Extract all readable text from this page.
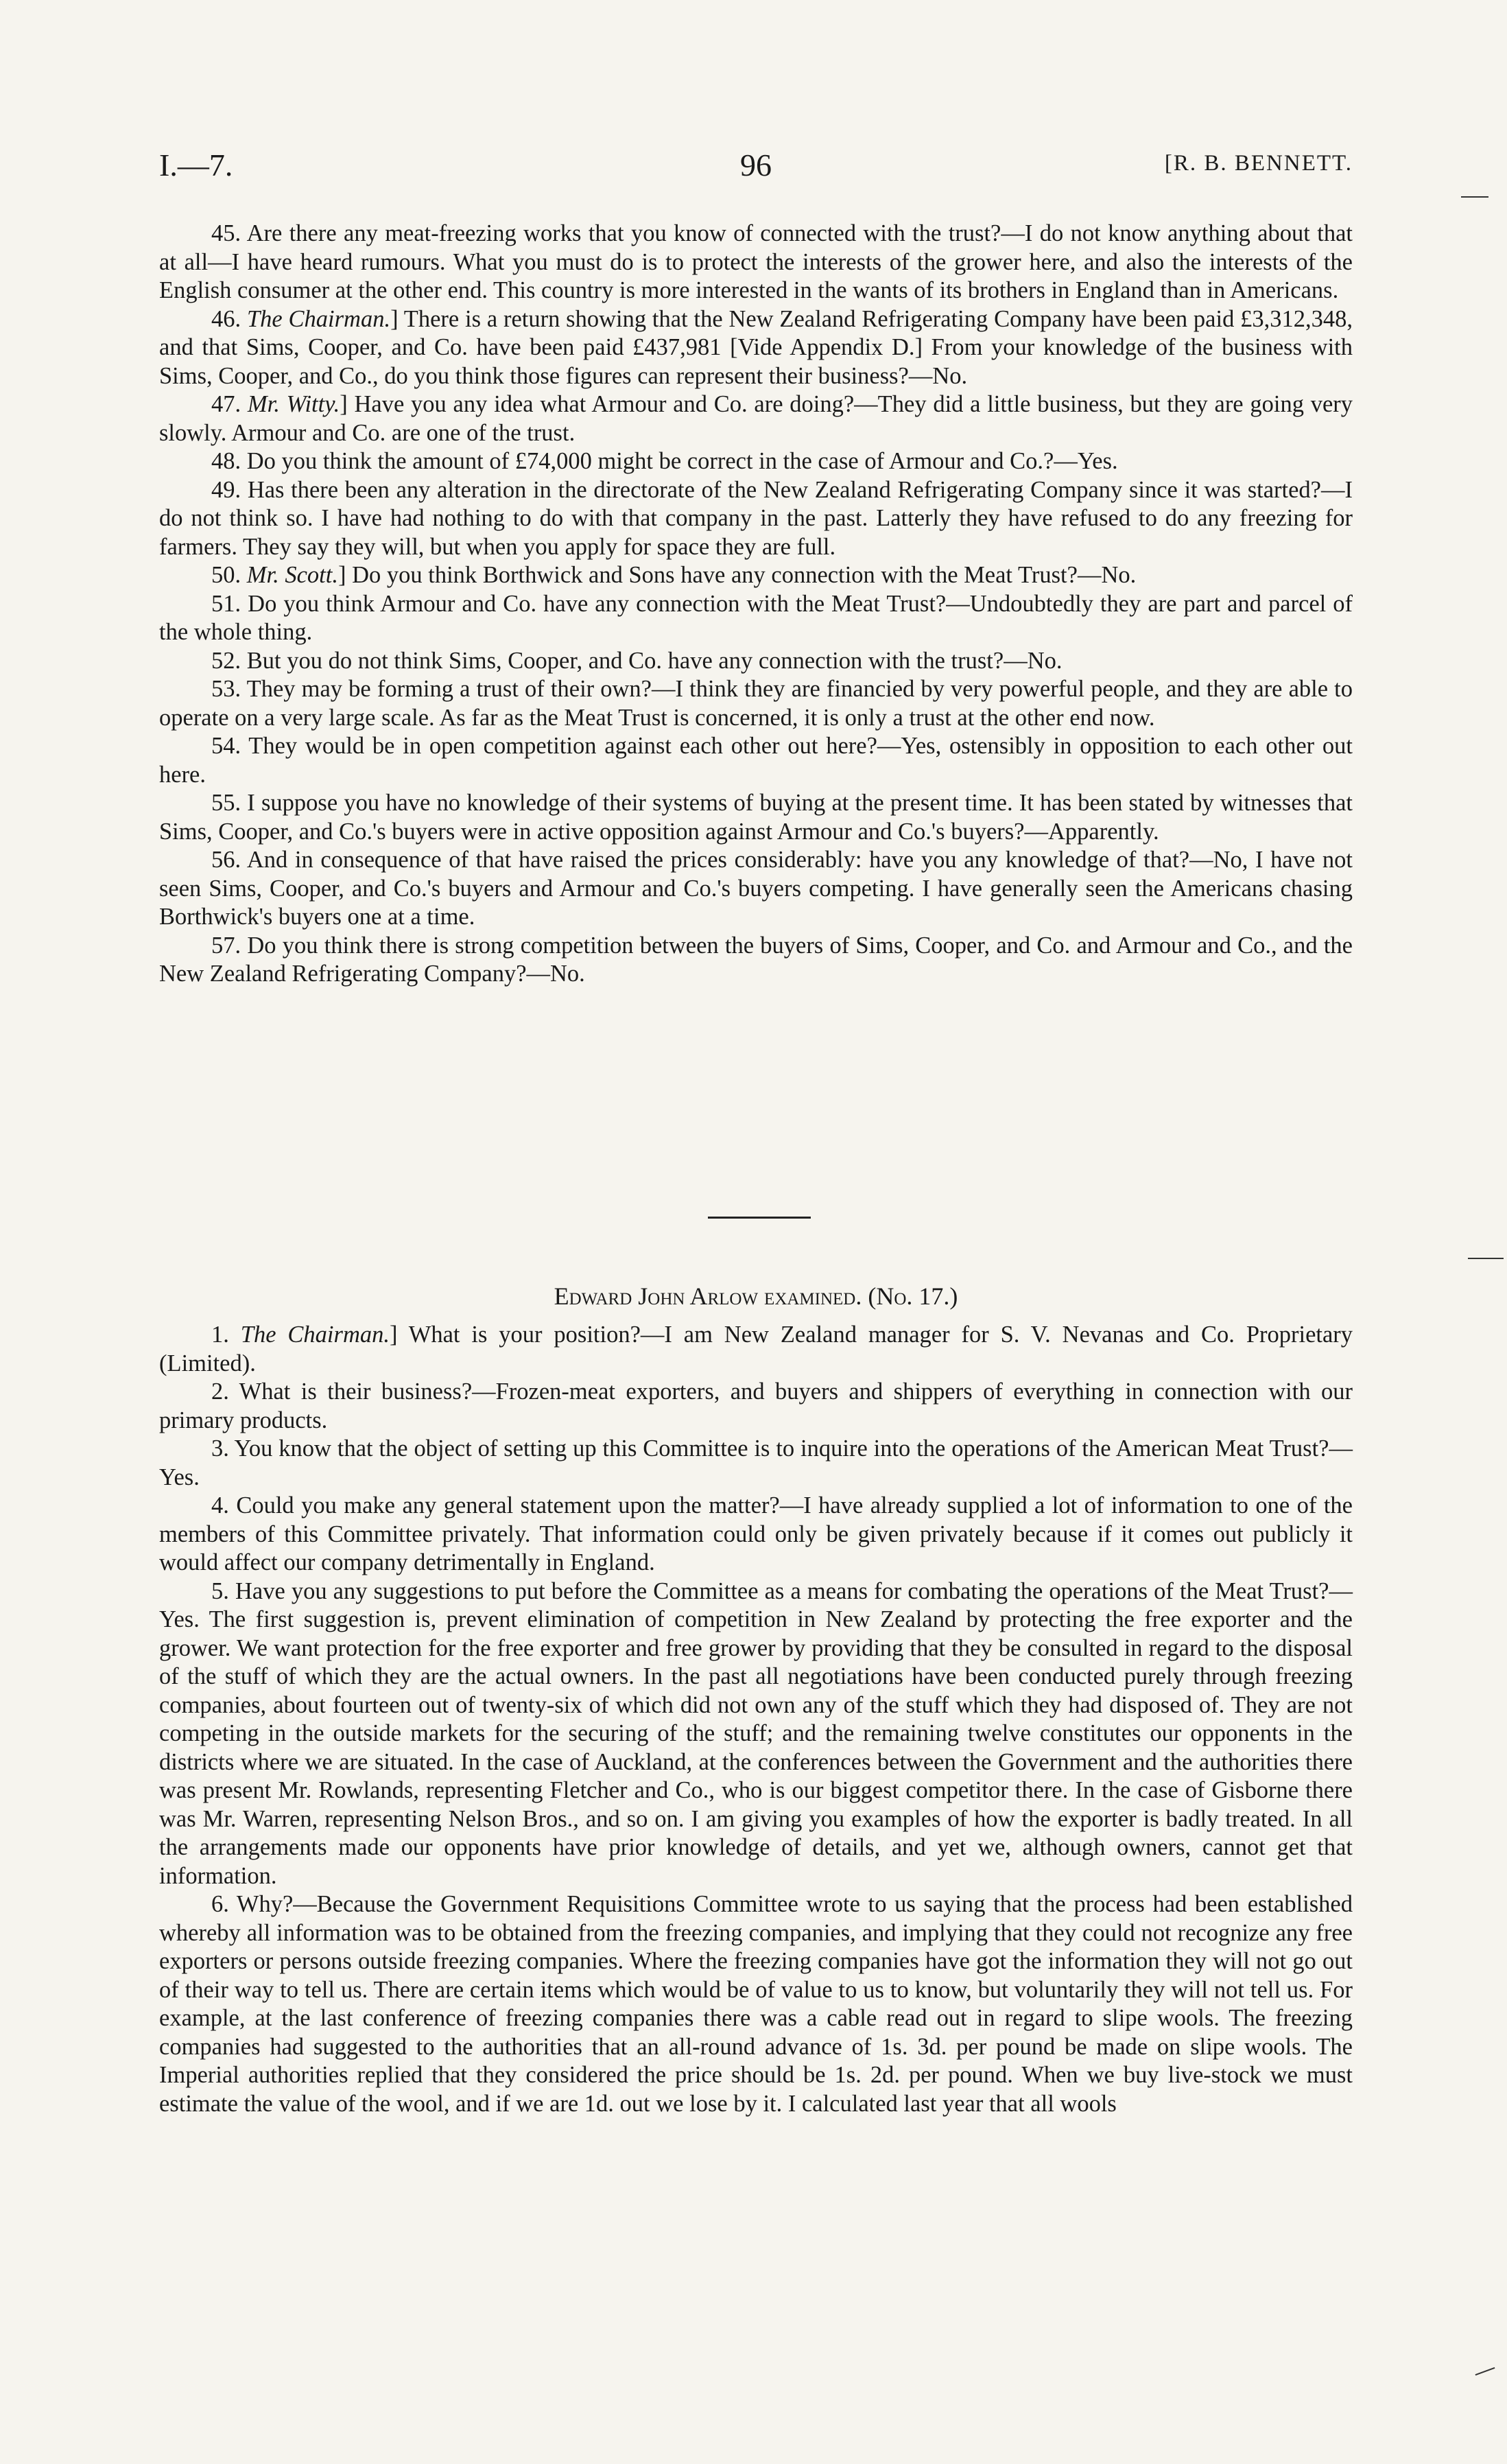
I.—7.	96	[R. B. BENNETT.

45. Are there any meat-freezing works that you know of connected with the trust?—I do not know anything about that at all—I have heard rumours. What you must do is to protect the interests of the grower here, and also the interests of the English consumer at the other end. This country is more interested in the wants of its brothers in England than in Americans.

46. The Chairman.] There is a return showing that the New Zealand Refrigerating Company have been paid £3,312,348, and that Sims, Cooper, and Co. have been paid £437,981 [Vide Appendix D.] From your knowledge of the business with Sims, Cooper, and Co., do you think those figures can represent their business?—No.

47. Mr. Witty.] Have you any idea what Armour and Co. are doing?—They did a little business, but they are going very slowly. Armour and Co. are one of the trust.

48. Do you think the amount of £74,000 might be correct in the case of Armour and Co.?—Yes.

49. Has there been any alteration in the directorate of the New Zealand Refrigerating Company since it was started?—I do not think so. I have had nothing to do with that company in the past. Latterly they have refused to do any freezing for farmers. They say they will, but when you apply for space they are full.

50. Mr. Scott.] Do you think Borthwick and Sons have any connection with the Meat Trust?—No.

51. Do you think Armour and Co. have any connection with the Meat Trust?—Undoubtedly they are part and parcel of the whole thing.

52. But you do not think Sims, Cooper, and Co. have any connection with the trust?—No.

53. They may be forming a trust of their own?—I think they are financied by very powerful people, and they are able to operate on a very large scale. As far as the Meat Trust is concerned, it is only a trust at the other end now.

54. They would be in open competition against each other out here?—Yes, ostensibly in opposition to each other out here.

55. I suppose you have no knowledge of their systems of buying at the present time. It has been stated by witnesses that Sims, Cooper, and Co.'s buyers were in active opposition against Armour and Co.'s buyers?—Apparently.

56. And in consequence of that have raised the prices considerably: have you any knowledge of that?—No, I have not seen Sims, Cooper, and Co.'s buyers and Armour and Co.'s buyers competing. I have generally seen the Americans chasing Borthwick's buyers one at a time.

57. Do you think there is strong competition between the buyers of Sims, Cooper, and Co. and Armour and Co., and the New Zealand Refrigerating Company?—No.

Edward John Arlow examined. (No. 17.)

1. The Chairman.] What is your position?—I am New Zealand manager for S. V. Nevanas and Co. Proprietary (Limited).

2. What is their business?—Frozen-meat exporters, and buyers and shippers of everything in connection with our primary products.

3. You know that the object of setting up this Committee is to inquire into the operations of the American Meat Trust?—Yes.

4. Could you make any general statement upon the matter?—I have already supplied a lot of information to one of the members of this Committee privately. That information could only be given privately because if it comes out publicly it would affect our company detrimentally in England.

5. Have you any suggestions to put before the Committee as a means for combating the operations of the Meat Trust?—Yes. The first suggestion is, prevent elimination of competition in New Zealand by protecting the free exporter and the grower. We want protection for the free exporter and free grower by providing that they be consulted in regard to the disposal of the stuff of which they are the actual owners. In the past all negotiations have been conducted purely through freezing companies, about fourteen out of twenty-six of which did not own any of the stuff which they had disposed of. They are not competing in the outside markets for the securing of the stuff; and the remaining twelve constitutes our opponents in the districts where we are situated. In the case of Auckland, at the conferences between the Government and the authorities there was present Mr. Rowlands, representing Fletcher and Co., who is our biggest competitor there. In the case of Gisborne there was Mr. Warren, representing Nelson Bros., and so on. I am giving you examples of how the exporter is badly treated. In all the arrangements made our opponents have prior knowledge of details, and yet we, although owners, cannot get that information.

6. Why?—Because the Government Requisitions Committee wrote to us saying that the process had been established whereby all information was to be obtained from the freezing companies, and implying that they could not recognize any free exporters or persons outside freezing companies. Where the freezing companies have got the information they will not go out of their way to tell us. There are certain items which would be of value to us to know, but voluntarily they will not tell us. For example, at the last conference of freezing companies there was a cable read out in regard to slipe wools. The freezing companies had suggested to the authorities that an all-round advance of 1s. 3d. per pound be made on slipe wools. The Imperial authorities replied that they considered the price should be 1s. 2d. per pound. When we buy live-stock we must estimate the value of the wool, and if we are 1d. out we lose by it. I calculated last year that all wools
